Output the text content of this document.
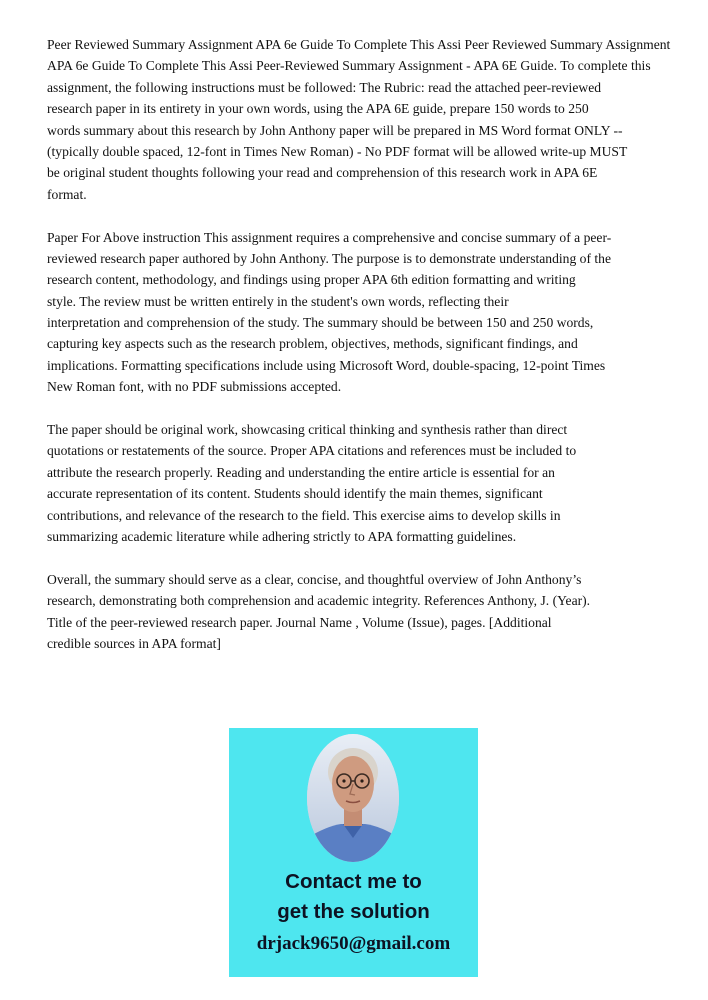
Peer Reviewed Summary Assignment APA 6e Guide To Complete This Assi Peer Reviewed Summary Assignment
APA 6e Guide To Complete This Assi Peer-Reviewed Summary Assignment - APA 6E Guide. To complete this
assignment, the following instructions must be followed: The Rubric: read the attached peer-reviewed
research paper in its entirety in your own words, using the APA 6E guide, prepare 150 words to 250
words summary about this research by John Anthony paper will be prepared in MS Word format ONLY --
(typically double spaced, 12-font in Times New Roman) - No PDF format will be allowed write-up MUST
be original student thoughts following your read and comprehension of this research work in APA 6E
format.
Paper For Above instruction This assignment requires a comprehensive and concise summary of a peer-
reviewed research paper authored by John Anthony. The purpose is to demonstrate understanding of the
research content, methodology, and findings using proper APA 6th edition formatting and writing
style. The review must be written entirely in the student's own words, reflecting their
interpretation and comprehension of the study. The summary should be between 150 and 250 words,
capturing key aspects such as the research problem, objectives, methods, significant findings, and
implications. Formatting specifications include using Microsoft Word, double-spacing, 12-point Times
New Roman font, with no PDF submissions accepted.
The paper should be original work, showcasing critical thinking and synthesis rather than direct
quotations or restatements of the source. Proper APA citations and references must be included to
attribute the research properly. Reading and understanding the entire article is essential for an
accurate representation of its content. Students should identify the main themes, significant
contributions, and relevance of the research to the field. This exercise aims to develop skills in
summarizing academic literature while adhering strictly to APA formatting guidelines.
Overall, the summary should serve as a clear, concise, and thoughtful overview of John Anthony’s
research, demonstrating both comprehension and academic integrity. References Anthony, J. (Year).
Title of the peer-reviewed research paper. Journal Name , Volume (Issue), pages. [Additional
credible sources in APA format]
Contact me to
get the solution
drjack9650@gmail.com
